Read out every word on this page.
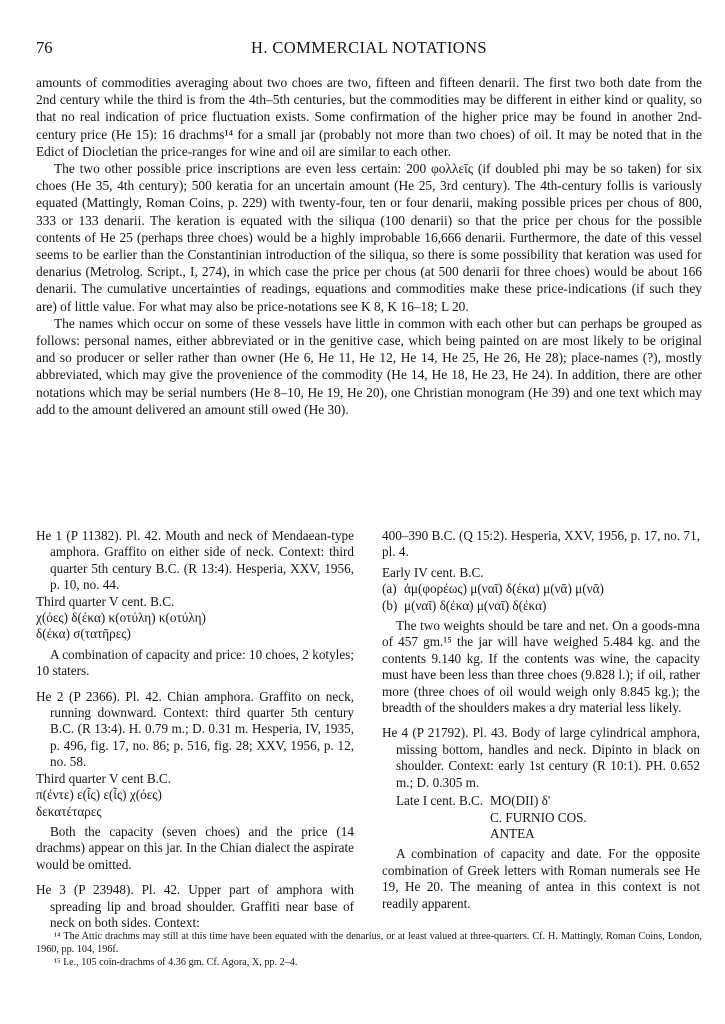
76	H. COMMERCIAL NOTATIONS

amounts of commodities averaging about two choes are two, fifteen and fifteen denarii. The first two both date from the 2nd century while the third is from the 4th–5th centuries, but the commodities may be different in either kind or quality, so that no real indication of price fluctuation exists. Some confirmation of the higher price may be found in another 2nd-century price (He 15): 16 drachms¹⁴ for a small jar (probably not more than two choes) of oil. It may be noted that in the Edict of Diocletian the price-ranges for wine and oil are similar to each other.

The two other possible price inscriptions are even less certain: 200 φολλεῖς (if doubled phi may be so taken) for six choes (He 35, 4th century); 500 keratia for an uncertain amount (He 25, 3rd century). The 4th-century follis is variously equated (Mattingly, Roman Coins, p. 229) with twenty-four, ten or four denarii, making possible prices per chous of 800, 333 or 133 denarii. The keration is equated with the siliqua (100 denarii) so that the price per chous for the possible contents of He 25 (perhaps three choes) would be a highly improbable 16,666 denarii. Furthermore, the date of this vessel seems to be earlier than the Constantinian introduction of the siliqua, so there is some possibility that keration was used for denarius (Metrolog. Script., I, 274), in which case the price per chous (at 500 denarii for three choes) would be about 166 denarii. The cumulative uncertainties of readings, equations and commodities make these price-indications (if such they are) of little value. For what may also be price-notations see K 8, K 16–18; L 20.

The names which occur on some of these vessels have little in common with each other but can perhaps be grouped as follows: personal names, either abbreviated or in the genitive case, which being painted on are most likely to be original and so producer or seller rather than owner (He 6, He 11, He 12, He 14, He 25, He 26, He 28); place-names (?), mostly abbreviated, which may give the provenience of the commodity (He 14, He 18, He 23, He 24). In addition, there are other notations which may be serial numbers (He 8–10, He 19, He 20), one Christian monogram (He 39) and one text which may add to the amount delivered an amount still owed (He 30).

He 1 (P 11382). Pl. 42. Mouth and neck of Mendaean-type amphora. Graffito on either side of neck. Context: third quarter 5th century B.C. (R 13:4). Hesperia, XXV, 1956, p. 10, no. 44.

Third quarter V cent. B.C.

χ(όες) δ(έκα) κ(οτύλη) κ(οτύλη)

δ(έκα) σ(τατῆρες)

A combination of capacity and price: 10 choes, 2 kotyles; 10 staters.

He 2 (P 2366). Pl. 42. Chian amphora. Graffito on neck, running downward. Context: third quarter 5th century B.C. (R 13:4). H. 0.79 m.; D. 0.31 m. Hesperia, IV, 1935, p. 496, fig. 17, no. 86; p. 516, fig. 28; XXV, 1956, p. 12, no. 58.

Third quarter V cent B.C.

π(έντε) ε(ἷς) ε(ἷς) χ(όες)

δεκατέταρες

Both the capacity (seven choes) and the price (14 drachms) appear on this jar. In the Chian dialect the aspirate would be omitted.

He 3 (P 23948). Pl. 42. Upper part of amphora with spreading lip and broad shoulder. Graffiti near base of neck on both sides. Context:

400–390 B.C. (Q 15:2). Hesperia, XXV, 1956, p. 17, no. 71, pl. 4.

Early IV cent. B.C.

(a) ἀμ(φορέως) μ(ναῖ) δ(έκα) μ(νᾶ) μ(νᾶ)

(b) μ(ναῖ) δ(έκα) μ(ναῖ) δ(έκα)

The two weights should be tare and net. On a goods-mna of 457 gm.¹⁵ the jar will have weighed 5.484 kg. and the contents 9.140 kg. If the contents was wine, the capacity must have been less than three choes (9.828 l.); if oil, rather more (three choes of oil would weigh only 8.845 kg.); the breadth of the shoulders makes a dry material less likely.

He 4 (P 21792). Pl. 43. Body of large cylindrical amphora, missing bottom, handles and neck. Dipinto in black on shoulder. Context: early 1st century (R 10:1). PH. 0.652 m.; D. 0.305 m.

Late I cent. B.C. MO(DII) δ'
C. FURNIO COS.
ANTEA

A combination of capacity and date. For the opposite combination of Greek letters with Roman numerals see He 19, He 20. The meaning of antea in this context is not readily apparent.

¹⁴ The Attic drachms may still at this time have been equated with the denarius, or at least valued at three-quarters. Cf. H. Mattingly, Roman Coins, London, 1960, pp. 104, 196f.

¹⁵ I.e., 105 coin-drachms of 4.36 gm. Cf. Agora, X, pp. 2–4.
